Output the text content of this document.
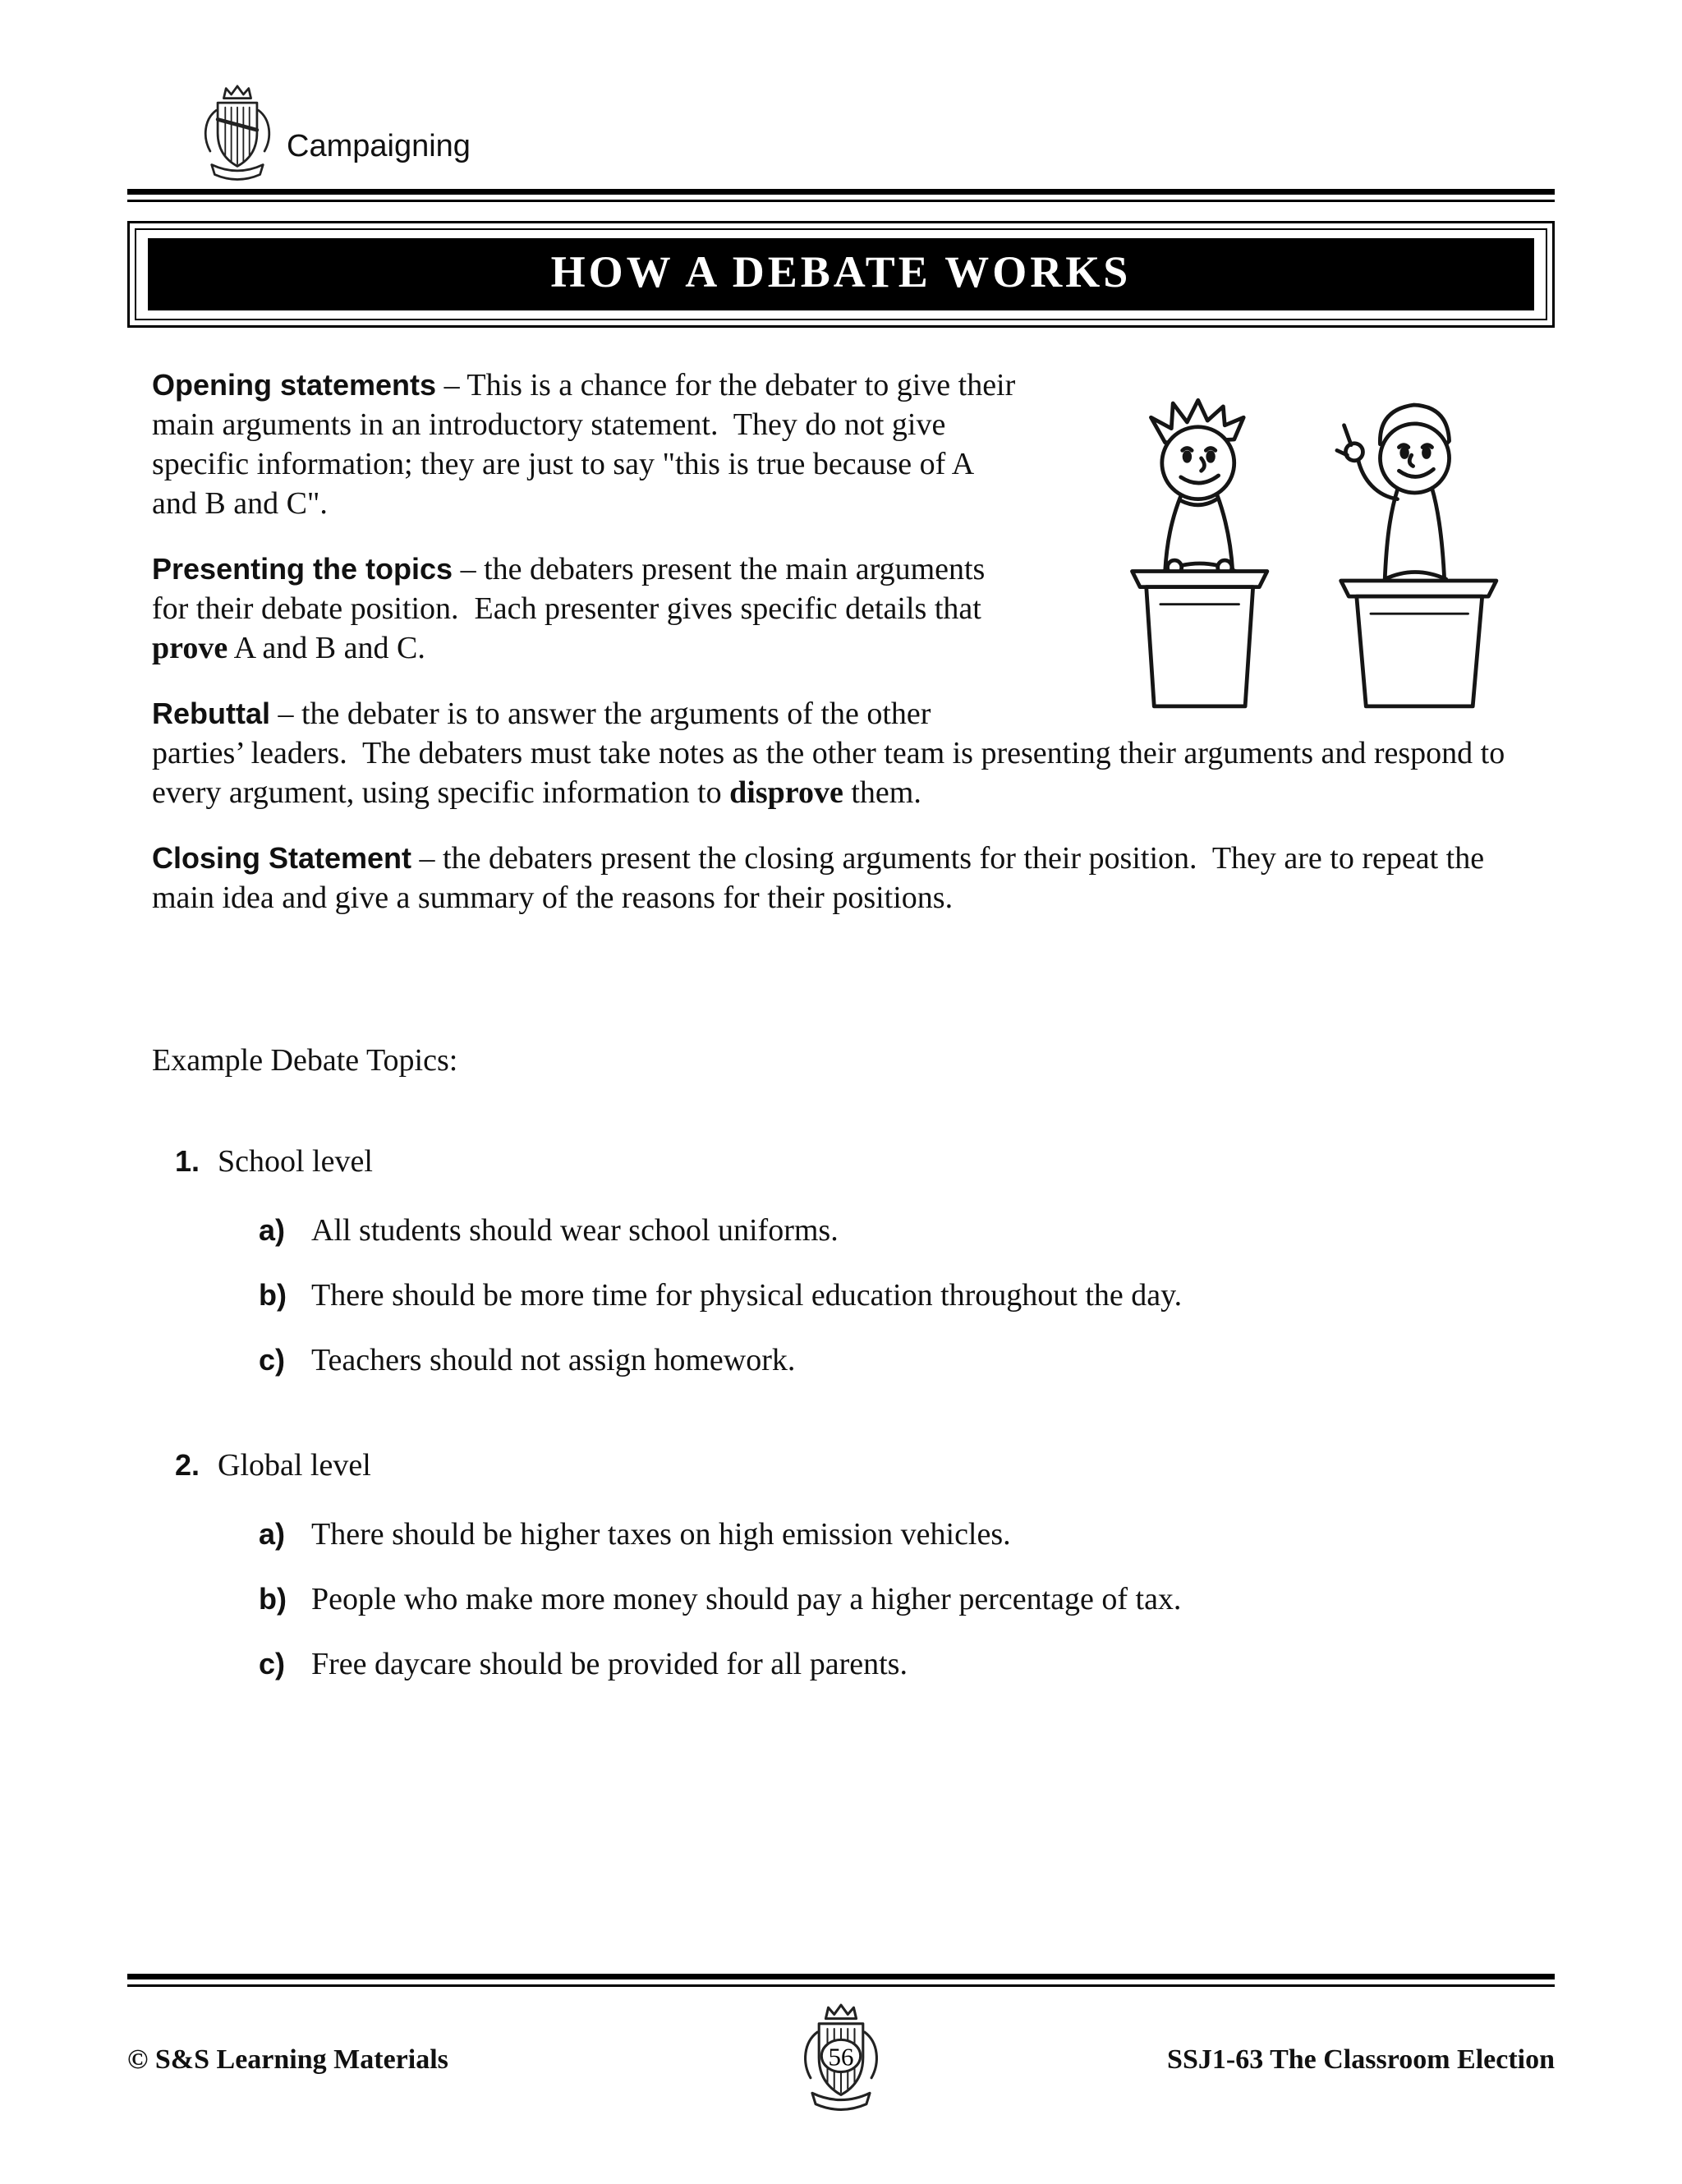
Campaigning
HOW A DEBATE WORKS

Opening statements – This is a chance for the debater to give their main arguments in an introductory statement.  They do not give specific information; they are just to say "this is true because of A and B and C".

Presenting the topics – the debaters present the main arguments for their debate position.  Each presenter gives specific details that prove A and B and C.

Rebuttal – the debater is to answer the arguments of the other parties’ leaders.  The debaters must take notes as the other team is presenting their arguments and respond to every argument, using specific information to disprove them.

Closing Statement – the debaters present the closing arguments for their position.  They are to repeat the main idea and give a summary of the reasons for their positions.

Example Debate Topics:

1. School level

a) All students should wear school uniforms.

b) There should be more time for physical education throughout the day.

c) Teachers should not assign homework.

2. Global level

a) There should be higher taxes on high emission vehicles.

b) People who make more money should pay a higher percentage of tax.

c) Free daycare should be provided for all parents.

© S&S Learning Materials	56	SSJ1-63 The Classroom Election
